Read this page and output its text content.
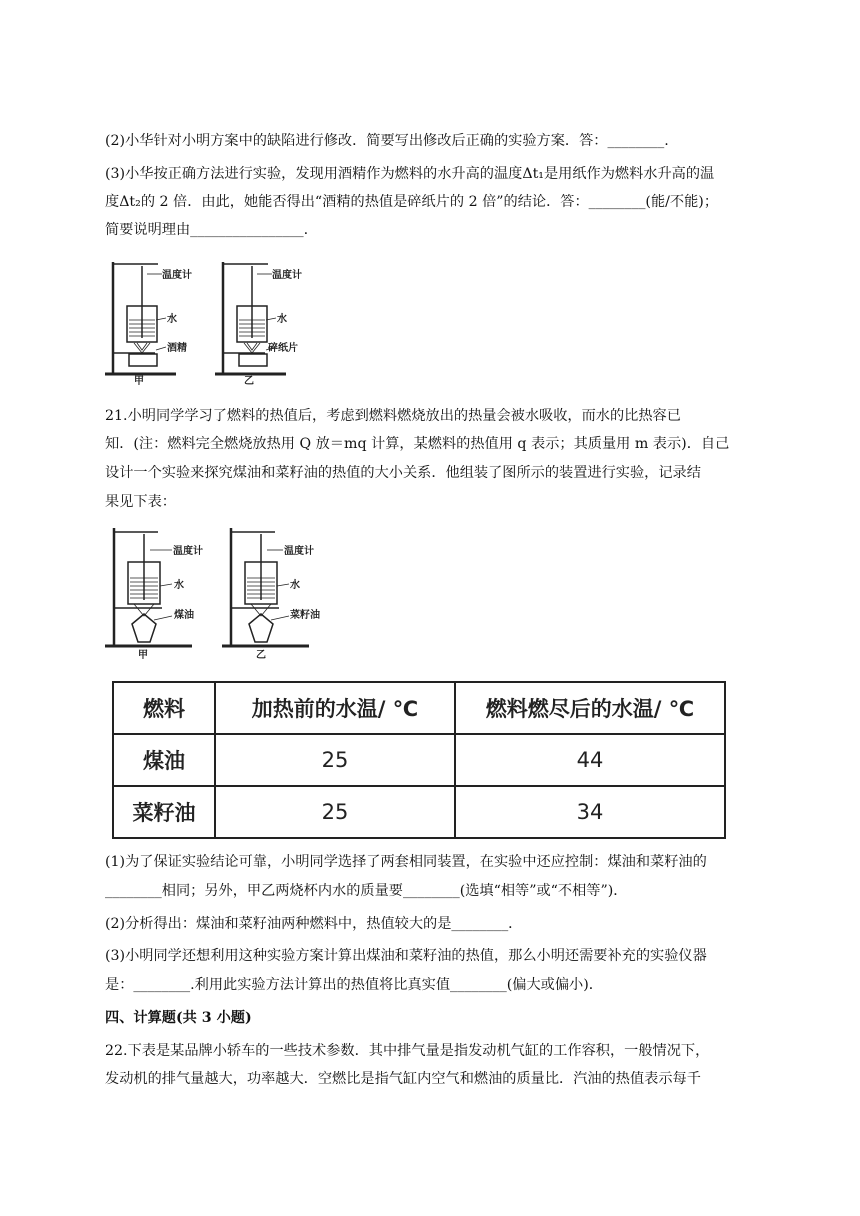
(2)小华针对小明方案中的缺陷进行修改．简要写出修改后正确的实验方案．答：________.
(3)小华按正确方法进行实验，发现用酒精作为燃料的水升高的温度Δt₁是用纸作为燃料水升高的温
度Δt₂的 2 倍．由此，她能否得出“酒精的热值是碎纸片的 2 倍”的结论．答：________(能/不能)；
简要说明理由________________.
温度计
水
酒精
甲
温度计
水
碎纸片
乙
21.小明同学学习了燃料的热值后，考虑到燃料燃烧放出的热量会被水吸收，而水的比热容已
知．(注：燃料完全燃烧放热用 Q 放＝mq 计算，某燃料的热值用 q 表示；其质量用 m 表示)．自己
设计一个实验来探究煤油和菜籽油的热值的大小关系．他组装了图所示的装置进行实验，记录结
果见下表：
温度计
水
煤油
甲
温度计
水
菜籽油
乙
燃料	加热前的水温/ ℃	燃料燃尽后的水温/ ℃
煤油	25	44
菜籽油	25	34
(1)为了保证实验结论可靠，小明同学选择了两套相同装置，在实验中还应控制：煤油和菜籽油的
________相同；另外，甲乙两烧杯内水的质量要________(选填“相等”或“不相等”)．
(2)分析得出：煤油和菜籽油两种燃料中，热值较大的是________．
(3)小明同学还想利用这种实验方案计算出煤油和菜籽油的热值，那么小明还需要补充的实验仪器
是：________.利用此实验方法计算出的热值将比真实值________(偏大或偏小)．
四、计算题(共 3 小题)
22.下表是某品牌小轿车的一些技术参数．其中排气量是指发动机气缸的工作容积，一般情况下，
发动机的排气量越大，功率越大．空燃比是指气缸内空气和燃油的质量比．汽油的热值表示每千
